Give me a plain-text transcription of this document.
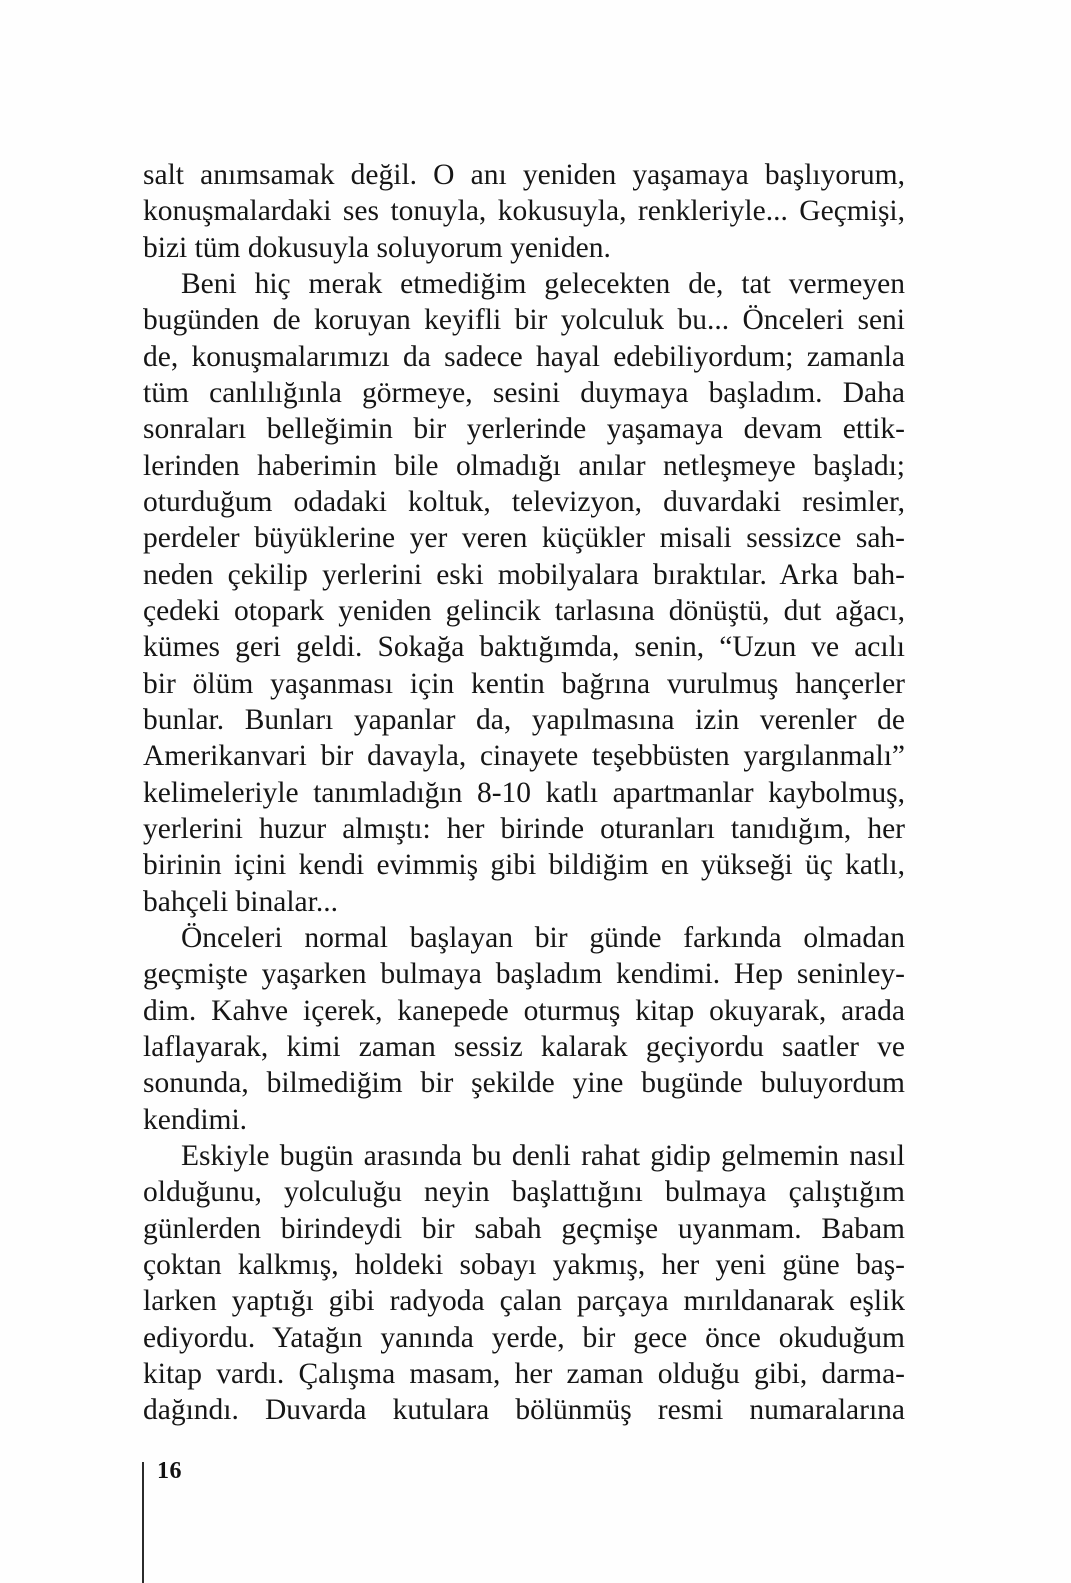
salt anımsamak değil. O anı yeniden yaşamaya başlıyorum,
konuşmalardaki ses tonuyla, kokusuyla, renkleriyle... Geçmişi,
bizi tüm dokusuyla soluyorum yeniden.
Beni hiç merak etmediğim gelecekten de, tat vermeyen
bugünden de koruyan keyifli bir yolculuk bu... Önceleri seni
de, konuşmalarımızı da sadece hayal edebiliyordum; zamanla
tüm canlılığınla görmeye, sesini duymaya başladım. Daha
sonraları belleğimin bir yerlerinde yaşamaya devam ettik-
lerinden haberimin bile olmadığı anılar netleşmeye başladı;
oturduğum odadaki koltuk, televizyon, duvardaki resimler,
perdeler büyüklerine yer veren küçükler misali sessizce sah-
neden çekilip yerlerini eski mobilyalara bıraktılar. Arka bah-
çedeki otopark yeniden gelincik tarlasına dönüştü, dut ağacı,
kümes geri geldi. Sokağa baktığımda, senin, “Uzun ve acılı
bir ölüm yaşanması için kentin bağrına vurulmuş hançerler
bunlar. Bunları yapanlar da, yapılmasına izin verenler de
Amerikanvari bir davayla, cinayete teşebbüsten yargılanmalı”
kelimeleriyle tanımladığın 8-10 katlı apartmanlar kaybolmuş,
yerlerini huzur almıştı: her birinde oturanları tanıdığım, her
birinin içini kendi evimmiş gibi bildiğim en yükseği üç katlı,
bahçeli binalar...
Önceleri normal başlayan bir günde farkında olmadan
geçmişte yaşarken bulmaya başladım kendimi. Hep seninley-
dim. Kahve içerek, kanepede oturmuş kitap okuyarak, arada
laflayarak, kimi zaman sessiz kalarak geçiyordu saatler ve
sonunda, bilmediğim bir şekilde yine bugünde buluyordum
kendimi.
Eskiyle bugün arasında bu denli rahat gidip gelmemin nasıl
olduğunu, yolculuğu neyin başlattığını bulmaya çalıştığım
günlerden birindeydi bir sabah geçmişe uyanmam. Babam
çoktan kalkmış, holdeki sobayı yakmış, her yeni güne baş-
larken yaptığı gibi radyoda çalan parçaya mırıldanarak eşlik
ediyordu. Yatağın yanında yerde, bir gece önce okuduğum
kitap vardı. Çalışma masam, her zaman olduğu gibi, darma-
dağındı. Duvarda kutulara bölünmüş resmi numaralarına
16
